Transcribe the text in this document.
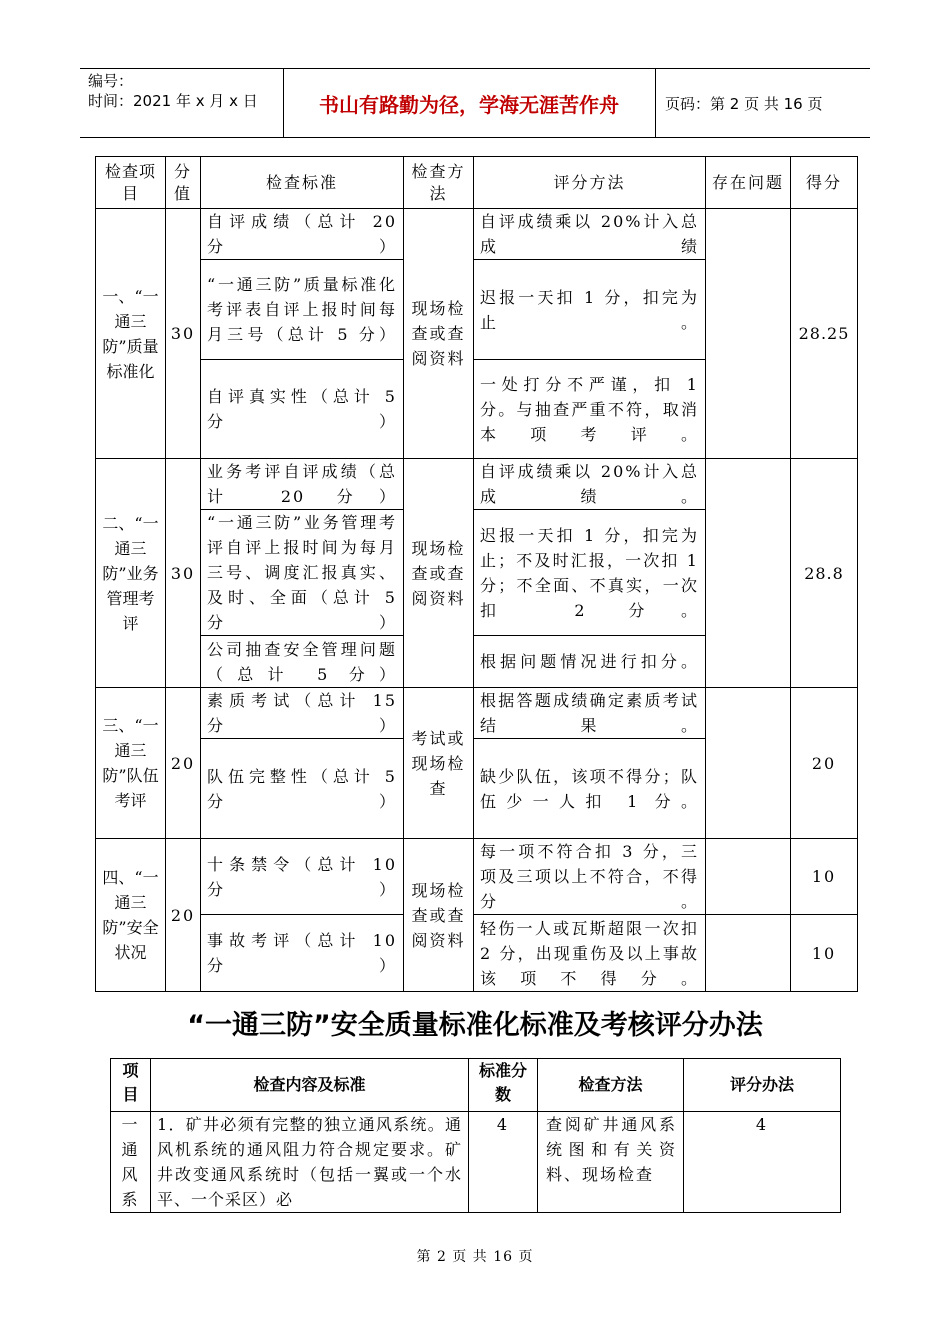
编号：
时间：2021 年 x 月 x 日	书山有路勤为径，学海无涯苦作舟	页码：第 2 页 共 16 页
检查项目	分值	检查标准	检查方法	评分方法	存在问题	得分
一、“一通三防”质量标准化	30	自评成绩（总计 20 分）	现场检查或查阅资料	自评成绩乘以 20%计入总成绩		28.25
		“一通三防”质量标准化考评表自评上报时间每月三号（总计 5 分）		迟报一天扣 1 分，扣完为止。		
		自评真实性（总计 5 分）		一处打分不严谨，扣 1 分。与抽查严重不符，取消本项考评。		
二、“一通三防”业务管理考评	30	业务考评自评成绩（总计 20 分）	现场检查或查阅资料	自评成绩乘以 20%计入总成绩。		28.8
		“一通三防”业务管理考评自评上报时间为每月三号、调度汇报真实、及时、全面（总计 5 分）		迟报一天扣 1 分，扣完为止；不及时汇报，一次扣 1 分；不全面、不真实，一次扣 2 分。		
		公司抽查安全管理问题（总计 5 分）		根据问题情况进行扣分。		
三、“一通三防”队伍考评	20	素质考试（总计 15 分）	考试或现场检查	根据答题成绩确定素质考试结果。		20
		队伍完整性（总计 5 分）		缺少队伍，该项不得分；队伍少一人扣 1 分。		
四、“一通三防”安全状况	20	十条禁令（总计 10 分）	现场检查或查阅资料	每一项不符合扣 3 分，三项及三项以上不符合，不得分。		10
		事故考评（总计 10 分）		轻伤一人或瓦斯超限一次扣 2 分，出现重伤及以上事故该项不得分。		10
“一通三防”安全质量标准化标准及考核评分办法
项目	检查内容及标准	标准分数	检查方法	评分办法
一通风系	1．矿井必须有完整的独立通风系统。通风机系统的通风阻力符合规定要求。矿井改变通风系统时（包括一翼或一个水平、一个采区）必	4	查阅矿井通风系统图和有关资料、现场检查	4
第 2 页 共 16 页
